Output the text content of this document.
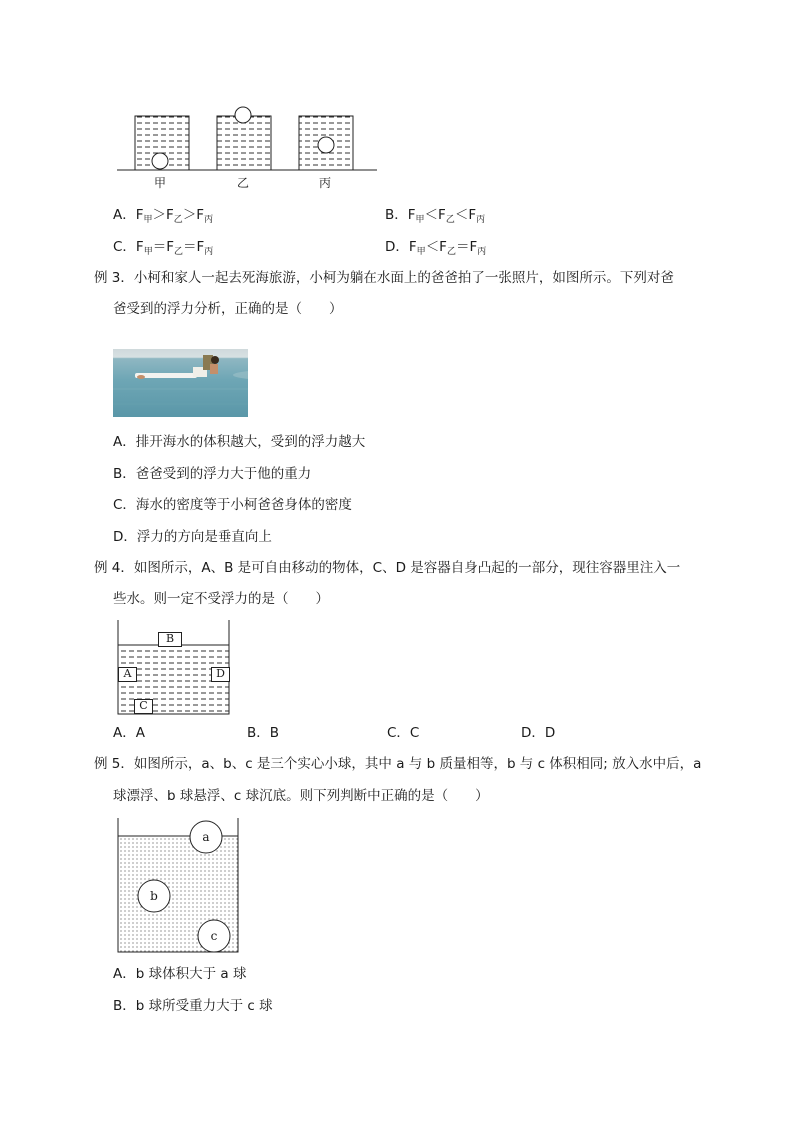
甲	乙	丙
A．$F_甲>F_乙>F_丙$	B．$F_甲<F_乙<F_丙$
C．$F_甲=F_乙=F_丙$	D．$F_甲<F_乙=F_丙$
例 3．小柯和家人一起去死海旅游，小柯为躺在水面上的爸爸拍了一张照片，如图所示。下列对爸
爸受到的浮力分析，正确的是（　　）
A．排开海水的体积越大，受到的浮力越大
B．爸爸受到的浮力大于他的重力
C．海水的密度等于小柯爸爸身体的密度
D．浮力的方向是垂直向上
例 4．如图所示，A、B 是可自由移动的物体，C、D 是容器自身凸起的一部分，现往容器里注入一
些水。则一定不受浮力的是（　　）
B
A	D
C
A．A	B．B	C．C	D．D
例 5．如图所示，a、b、c 是三个实心小球，其中 a 与 b 质量相等，b 与 c 体积相同; 放入水中后，a
球漂浮、b 球悬浮、c 球沉底。则下列判断中正确的是（　　）
a
b
c
A．b 球体积大于 a 球
B．b 球所受重力大于 c 球
